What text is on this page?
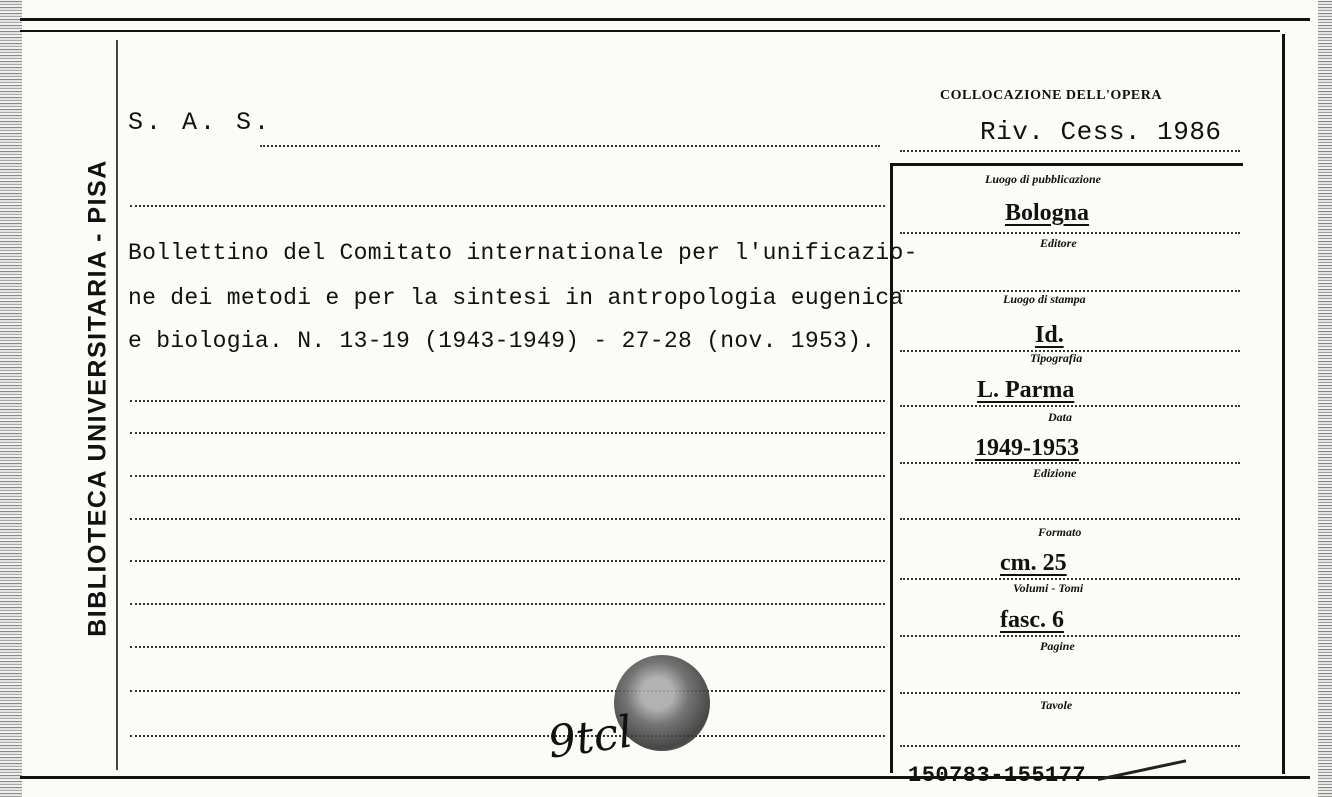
BIBLIOTECA UNIVERSITARIA - PISA
S. A. S.
Bollettino del Comitato internationale per l'unificazio-
ne dei metodi e per la sintesi in antropologia eugenica
e biologia. N. 13-19 (1943-1949) - 27-28 (nov. 1953).
COLLOCAZIONE DELL'OPERA
Riv. Cess. 1986
Luogo di pubblicazione
Bologna
Editore
Luogo di stampa
Id.
Tipografia
L. Parma
Data
1949-1953
Edizione
Formato
cm. 25
Volumi - Tomi
fasc. 6
Pagine
Tavole
150783-155177
9tcl
